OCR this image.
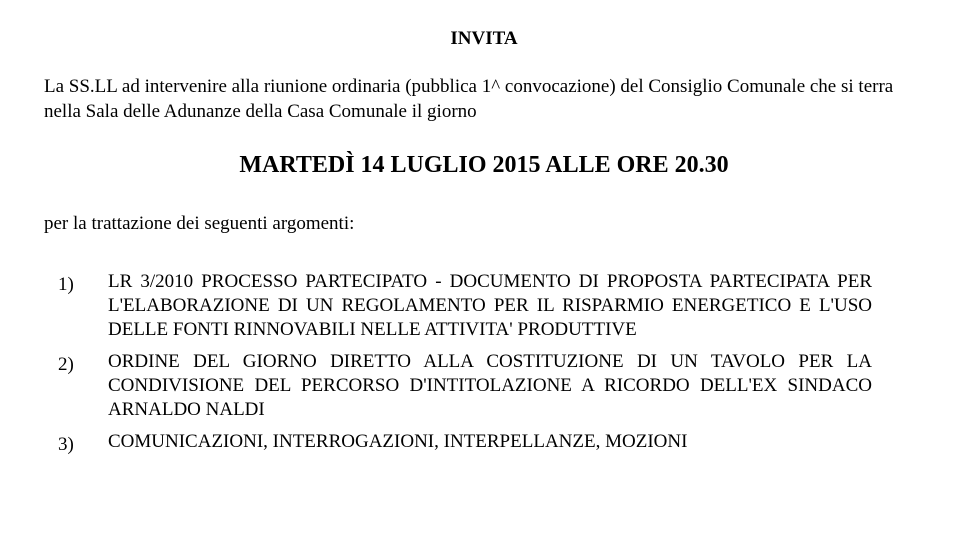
INVITA
La SS.LL ad intervenire alla riunione ordinaria (pubblica 1^ convocazione) del Consiglio Comunale che si terra nella Sala delle Adunanze della Casa Comunale il giorno
MARTEDÌ 14 LUGLIO 2015 ALLE ORE 20.30
per la trattazione dei seguenti argomenti:
1) LR 3/2010 PROCESSO PARTECIPATO - DOCUMENTO DI PROPOSTA PARTECIPATA PER L'ELABORAZIONE DI UN REGOLAMENTO PER IL RISPARMIO ENERGETICO E L'USO DELLE FONTI RINNOVABILI NELLE ATTIVITA' PRODUTTIVE
2) ORDINE DEL GIORNO DIRETTO ALLA COSTITUZIONE DI UN TAVOLO PER LA CONDIVISIONE DEL PERCORSO D'INTITOLAZIONE A RICORDO DELL'EX SINDACO ARNALDO NALDI
3) COMUNICAZIONI, INTERROGAZIONI, INTERPELLANZE, MOZIONI
